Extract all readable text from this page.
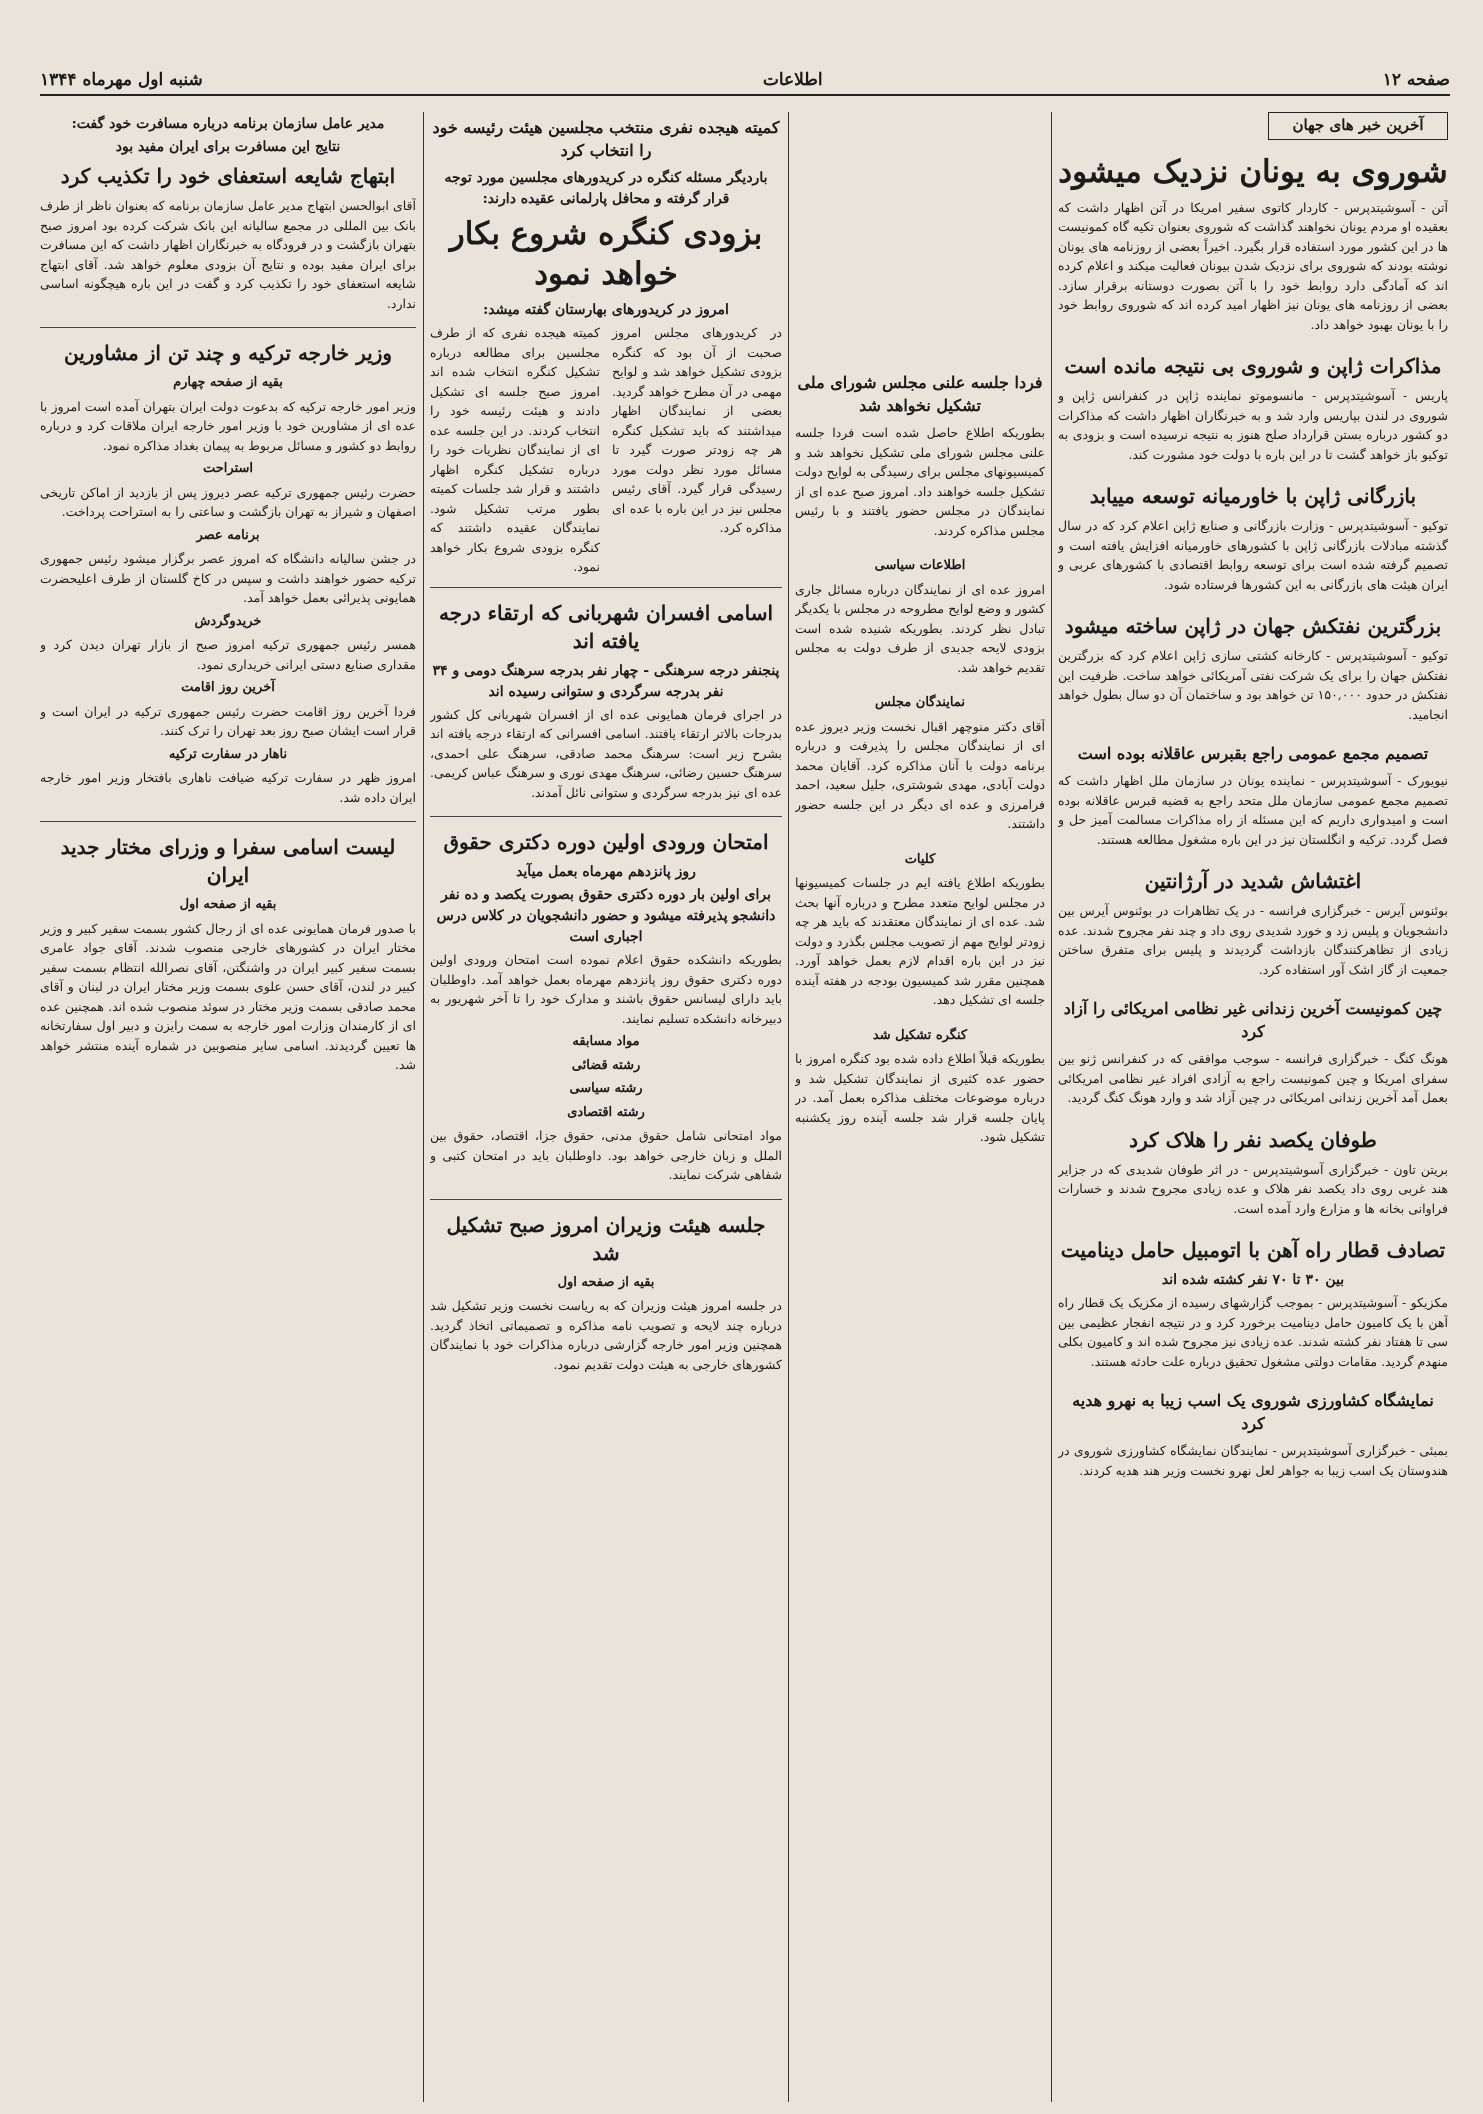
صفحه ۱۲
اطلاعات
شنبه اول مهرماه ۱۳۴۴
آخرین خبر های جهان
شوروی به یونان نزدیک میشود

آتن - آسوشیتدپرس - کاردار کاتوی سفیر امریکا در آتن اظهار داشت که بعقیده او مردم یونان نخواهند گذاشت که شوروی بعنوان تکیه گاه کمونیست ها در این کشور مورد استفاده قرار بگیرد. اخیراً بعضی از روزنامه های یونان نوشته بودند که شوروی برای نزدیک شدن بیونان فعالیت میکند و اعلام کرده اند که آمادگی دارد روابط خود را با آتن بصورت دوستانه برقرار سازد. بعضی از روزنامه های یونان نیز اظهار امید کرده اند که شوروی روابط خود را با یونان بهبود خواهد داد.

مذاکرات ژاپن و شوروی بی نتیجه مانده است

پاریس - آسوشیتدپرس - مانسوموتو نماینده ژاپن در کنفرانس ژاپن و شوروی در لندن بپاریس وارد شد و به خبرنگاران اظهار داشت که مذاکرات دو کشور درباره بستن قرارداد صلح هنوز به نتیجه نرسیده است و بزودی به توکیو باز خواهد گشت تا در این باره با دولت خود مشورت کند.

بازرگانی ژاپن با خاورمیانه توسعه مییابد

توکیو - آسوشیتدپرس - وزارت بازرگانی و صنایع ژاپن اعلام کرد که در سال گذشته مبادلات بازرگانی ژاپن با کشورهای خاورمیانه افزایش یافته است و تصمیم گرفته شده است برای توسعه روابط اقتصادی با کشورهای عربی و ایران هیئت های بازرگانی به این کشورها فرستاده شود.

بزرگترین نفتکش جهان در ژاپن ساخته میشود

توکیو - آسوشیتدپرس - کارخانه کشتی سازی ژاپن اعلام کرد که بزرگترین نفتکش جهان را برای یک شرکت نفتی آمریکائی خواهد ساخت. ظرفیت این نفتکش در حدود ۱۵۰,۰۰۰ تن خواهد بود و ساختمان آن دو سال بطول خواهد انجامید.

تصمیم مجمع عمومی راجع بقبرس عاقلانه بوده است

نیویورک - آسوشیتدپرس - نماینده یونان در سازمان ملل اظهار داشت که تصمیم مجمع عمومی سازمان ملل متحد راجع به قضیه قبرس عاقلانه بوده است و امیدواری داریم که این مسئله از راه مذاکرات مسالمت آمیز حل و فصل گردد. ترکیه و انگلستان نیز در این باره مشغول مطالعه هستند.

اغتشاش شدید در آرژانتین

بوئنوس آیرس - خبرگزاری فرانسه - در یک تظاهرات در بوئنوس آیرس بین دانشجویان و پلیس زد و خورد شدیدی روی داد و چند نفر مجروح شدند. عده زیادی از تظاهرکنندگان بازداشت گردیدند و پلیس برای متفرق ساختن جمعیت از گاز اشک آور استفاده کرد.

چین کمونیست آخرین زندانی غیر نظامی امریکائی را آزاد کرد

هونگ کنگ - خبرگزاری فرانسه - سوجب موافقی که در کنفرانس ژنو بین سفرای امریکا و چین کمونیست راجع به آزادی افراد غیر نظامی امریکائی بعمل آمد آخرین زندانی امریکائی در چین آزاد شد و وارد هونگ کنگ گردید.

طوفان یکصد نفر را هلاک کرد

بریتن تاون - خبرگزاری آسوشیتدپرس - در اثر طوفان شدیدی که در جزایر هند غربی روی داد یکصد نفر هلاک و عده زیادی مجروح شدند و خسارات فراوانی بخانه ها و مزارع وارد آمده است.

تصادف قطار راه آهن با اتومبیل حامل دینامیت
بین ۳۰ تا ۷۰ نفر کشته شده اند

مکزیکو - آسوشیتدپرس - بموجب گزارشهای رسیده از مکزیک یک قطار راه آهن با یک کامیون حامل دینامیت برخورد کرد و در نتیجه انفجار عظیمی بین سی تا هفتاد نفر کشته شدند. عده زیادی نیز مجروح شده اند و کامیون بکلی منهدم گردید. مقامات دولتی مشغول تحقیق درباره علت حادثه هستند.

نمایشگاه کشاورزی شوروی یک اسب زیبا به نهرو هدیه کرد

بمبئی - خبرگزاری آسوشیتدپرس - نمایندگان نمایشگاه کشاورزی شوروی در هندوستان یک اسب زیبا به جواهر لعل نهرو نخست وزیر هند هدیه کردند.

فردا جلسه علنی مجلس شورای ملی تشکیل نخواهد شد

بطوریکه اطلاع حاصل شده است فردا جلسه علنی مجلس شورای ملی تشکیل نخواهد شد و کمیسیونهای مجلس برای رسیدگی به لوایح دولت تشکیل جلسه خواهند داد. امروز صبح عده ای از نمایندگان در مجلس حضور یافتند و با رئیس مجلس مذاکره کردند.

اطلاعات سیاسی

امروز عده ای از نمایندگان درباره مسائل جاری کشور و وضع لوایح مطروحه در مجلس با یکدیگر تبادل نظر کردند. بطوریکه شنیده شده است بزودی لایحه جدیدی از طرف دولت به مجلس تقدیم خواهد شد.

نمایندگان مجلس

آقای دکتر منوچهر اقبال نخست وزیر دیروز عده ای از نمایندگان مجلس را پذیرفت و درباره برنامه دولت با آنان مذاکره کرد. آقایان محمد دولت آبادی، مهدی شوشتری، جلیل سعید، احمد فرامرزی و عده ای دیگر در این جلسه حضور داشتند.

کلیات

بطوریکه اطلاع یافته ایم در جلسات کمیسیونها در مجلس لوایح متعدد مطرح و درباره آنها بحث شد. عده ای از نمایندگان معتقدند که باید هر چه زودتر لوایح مهم از تصویب مجلس بگذرد و دولت نیز در این باره اقدام لازم بعمل خواهد آورد. همچنین مقرر شد کمیسیون بودجه در هفته آینده جلسه ای تشکیل دهد.

کنگره تشکیل شد

بطوریکه قبلاً اطلاع داده شده بود کنگره امروز با حضور عده کثیری از نمایندگان تشکیل شد و درباره موضوعات مختلف مذاکره بعمل آمد. در پایان جلسه قرار شد جلسه آینده روز یکشنبه تشکیل شود.

کمیته هیجده نفری منتخب مجلسین هیئت رئیسه خود را انتخاب کرد
باردیگر مسئله کنگره در کریدورهای مجلسین مورد توجه قرار گرفته و محافل پارلمانی عقیده دارند:
بزودی کنگره شروع بکار خواهد نمود
امروز در کریدورهای بهارستان گفته میشد:
در کریدورهای مجلس امروز صحبت از آن بود که کنگره بزودی تشکیل خواهد شد و لوایح مهمی در آن مطرح خواهد گردید. بعضی از نمایندگان اظهار میداشتند که باید تشکیل کنگره هر چه زودتر صورت گیرد تا مسائل مورد نظر دولت مورد رسیدگی قرار گیرد. آقای رئیس مجلس نیز در این باره با عده ای مذاکره کرد.
کمیته هیجده نفری که از طرف مجلسین برای مطالعه درباره تشکیل کنگره انتخاب شده اند امروز صبح جلسه ای تشکیل دادند و هیئت رئیسه خود را انتخاب کردند. در این جلسه عده ای از نمایندگان نظریات خود را درباره تشکیل کنگره اظهار داشتند و قرار شد جلسات کمیته بطور مرتب تشکیل شود. نمایندگان عقیده داشتند که کنگره بزودی شروع بکار خواهد نمود.
اسامی افسران شهربانی که ارتقاء درجه یافته اند
پنجنفر درجه سرهنگی - چهار نفر بدرجه سرهنگ دومی و ۳۴ نفر بدرجه سرگردی و ستوانی رسیده اند

در اجرای فرمان همایونی عده ای از افسران شهربانی کل کشور بدرجات بالاتر ارتقاء یافتند. اسامی افسرانی که ارتقاء درجه یافته اند بشرح زیر است: سرهنگ محمد صادقی، سرهنگ علی احمدی، سرهنگ حسین رضائی، سرهنگ مهدی نوری و سرهنگ عباس کریمی. عده ای نیز بدرجه سرگردی و ستوانی نائل آمدند.

امتحان ورودی اولین دوره دکتری حقوق
روز پانزدهم مهرماه بعمل میآید
برای اولین بار دوره دکتری حقوق بصورت یکصد و ده نفر دانشجو پذیرفته میشود و حضور دانشجویان در کلاس درس اجباری است

بطوریکه دانشکده حقوق اعلام نموده است امتحان ورودی اولین دوره دکتری حقوق روز پانزدهم مهرماه بعمل خواهد آمد. داوطلبان باید دارای لیسانس حقوق باشند و مدارک خود را تا آخر شهریور به دبیرخانه دانشکده تسلیم نمایند.

مواد مسابقه
رشته قضائی
رشته سیاسی
رشته اقتصادی

مواد امتحانی شامل حقوق مدنی، حقوق جزا، اقتصاد، حقوق بین الملل و زبان خارجی خواهد بود. داوطلبان باید در امتحان کتبی و شفاهی شرکت نمایند.

جلسه هیئت وزیران امروز صبح تشکیل شد
بقیه از صفحه اول

در جلسه امروز هیئت وزیران که به ریاست نخست وزیر تشکیل شد درباره چند لایحه و تصویب نامه مذاکره و تصمیماتی اتخاذ گردید. همچنین وزیر امور خارجه گزارشی درباره مذاکرات خود با نمایندگان کشورهای خارجی به هیئت دولت تقدیم نمود.

مدیر عامل سازمان برنامه درباره مسافرت خود گفت:
نتایج این مسافرت برای ایران مفید بود
ابتهاج شایعه استعفای خود را تکذیب کرد

آقای ابوالحسن ابتهاج مدیر عامل سازمان برنامه که بعنوان ناظر از طرف بانک بین المللی در مجمع سالیانه این بانک شرکت کرده بود امروز صبح بتهران بازگشت و در فرودگاه به خبرنگاران اظهار داشت که این مسافرت برای ایران مفید بوده و نتایج آن بزودی معلوم خواهد شد. آقای ابتهاج شایعه استعفای خود را تکذیب کرد و گفت در این باره هیچگونه اساسی ندارد.

وزیر خارجه ترکیه و چند تن از مشاورین
بقیه از صفحه چهارم

وزیر امور خارجه ترکیه که بدعوت دولت ایران بتهران آمده است امروز با عده ای از مشاورین خود با وزیر امور خارجه ایران ملاقات کرد و درباره روابط دو کشور و مسائل مربوط به پیمان بغداد مذاکره نمود.

استراحت

حضرت رئیس جمهوری ترکیه عصر دیروز پس از بازدید از اماکن تاریخی اصفهان و شیراز به تهران بازگشت و ساعتی را به استراحت پرداخت.

برنامه عصر

در جشن سالیانه دانشگاه که امروز عصر برگزار میشود رئیس جمهوری ترکیه حضور خواهند داشت و سپس در کاخ گلستان از طرف اعلیحضرت همایونی پذیرائی بعمل خواهد آمد.

خریدوگردش

همسر رئیس جمهوری ترکیه امروز صبح از بازار تهران دیدن کرد و مقداری صنایع دستی ایرانی خریداری نمود.

آخرین روز اقامت

فردا آخرین روز اقامت حضرت رئیس جمهوری ترکیه در ایران است و قرار است ایشان صبح روز بعد تهران را ترک کنند.

ناهار در سفارت ترکیه

امروز ظهر در سفارت ترکیه ضیافت ناهاری بافتخار وزیر امور خارجه ایران داده شد.

لیست اسامی سفرا و وزرای مختار جدید ایران
بقیه از صفحه اول

با صدور فرمان همایونی عده ای از رجال کشور بسمت سفیر کبیر و وزیر مختار ایران در کشورهای خارجی منصوب شدند. آقای جواد عامری بسمت سفیر کبیر ایران در واشنگتن، آقای نصرالله انتظام بسمت سفیر کبیر در لندن، آقای حسن علوی بسمت وزیر مختار ایران در لبنان و آقای محمد صادقی بسمت وزیر مختار در سوئد منصوب شده اند. همچنین عده ای از کارمندان وزارت امور خارجه به سمت رایزن و دبیر اول سفارتخانه ها تعیین گردیدند. اسامی سایر منصوبین در شماره آینده منتشر خواهد شد.
